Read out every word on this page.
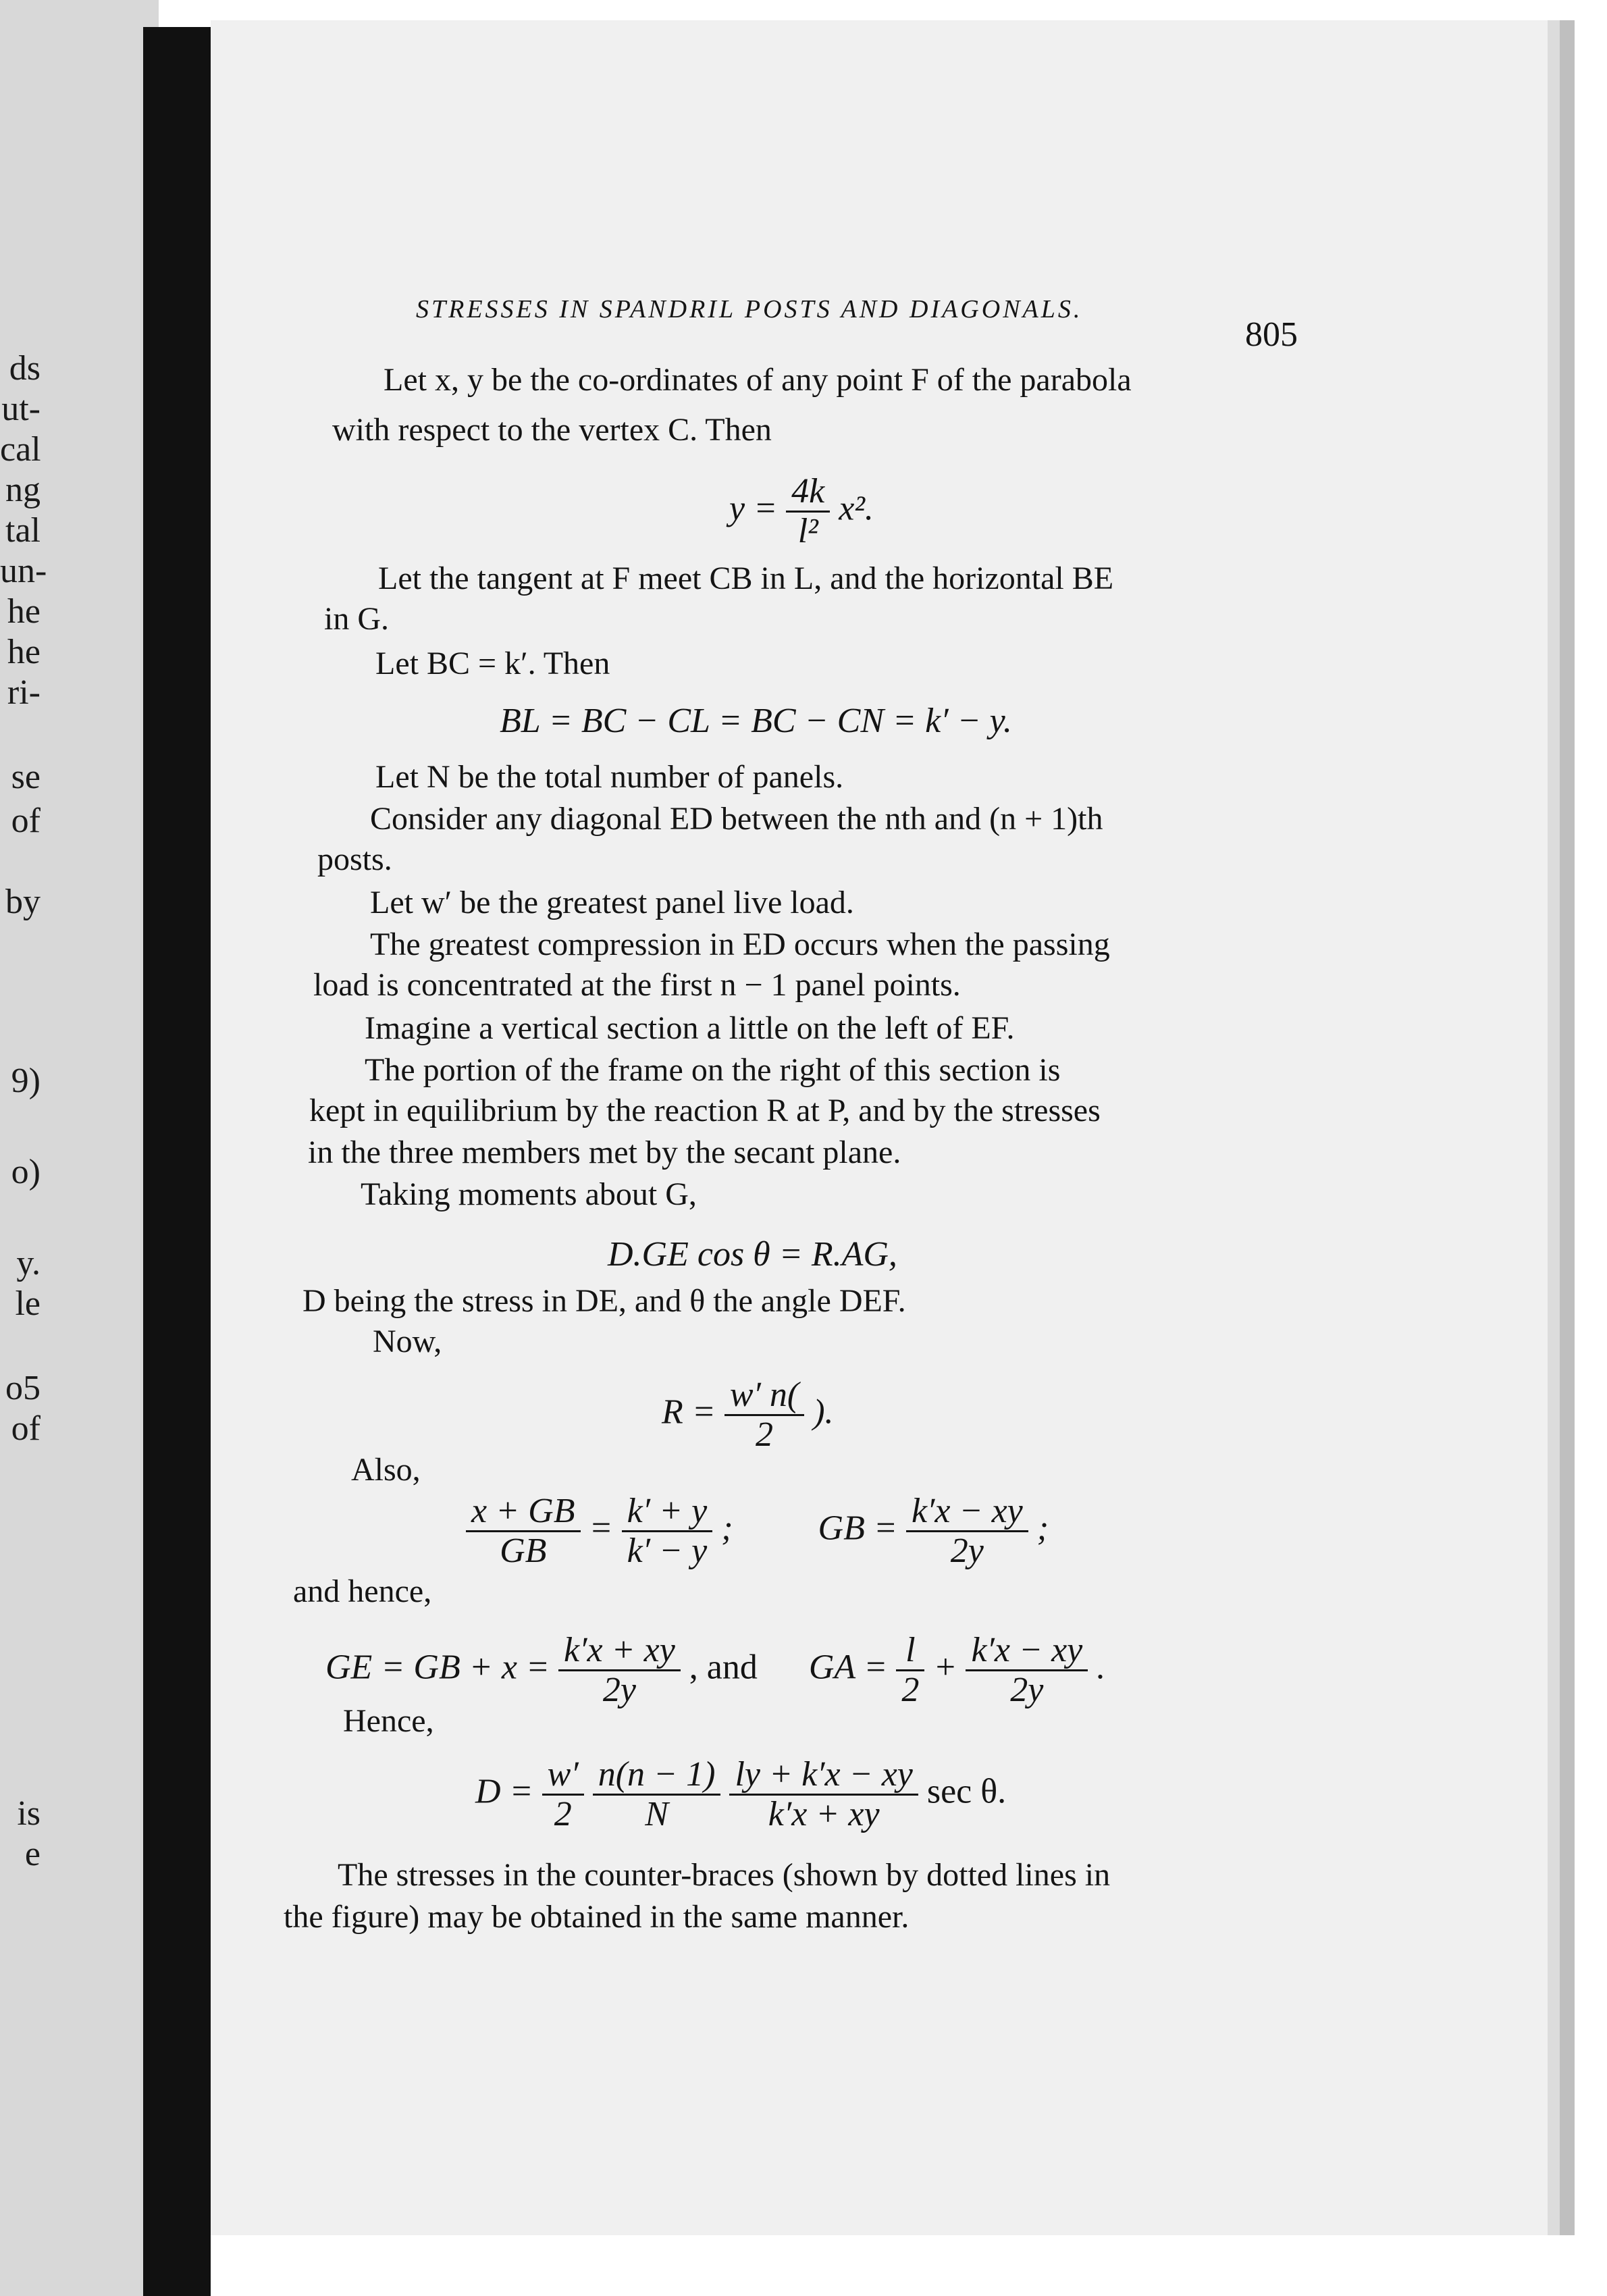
ds
ut-
cal
ng
tal
un-
he
he
ri-
se
of
by
9)
o)
y.
le
o5
of
is
e
STRESSES IN SPANDRIL POSTS AND DIAGONALS.
805
Let x, y be the co-ordinates of any point F of the parabola
with respect to the vertex C. Then
$y = \frac{4k}{\text{l²}} x^2$.
Let the tangent at F meet CB in L, and the horizontal BE
in G.
Let BC = k′. Then
BL = BC − CL = BC − CN = k′ − y.
Let N be the total number of panels.
Consider any diagonal ED between the nth and (n + 1)th
posts.
Let w′ be the greatest panel live load.
The greatest compression in ED occurs when the passing
load is concentrated at the first n − 1 panel points.
Imagine a vertical section a little on the left of EF.
The portion of the frame on the right of this section is
kept in equilibrium by the reaction R at P, and by the stresses
in the three members met by the secant plane.
Taking moments about G,
D.GE cos θ = R.AG,
D being the stress in DE, and θ the angle DEF.
Now,
$R = \frac{w' n(}{2}$ ).
Also,
$\frac{x + GB}{GB} = \frac{k' + y}{k' - y}$ ; GB = $\frac{k'x - xy}{2y}$ ;
and hence,
GE = GB + $x = \frac{k'x + xy}{2y}$ , and GA = $\frac{l}{2} + \frac{k'x - xy}{2y}$ .
Hence,
$D = \frac{w'}{2}$
$\frac{n(n - 1)}{N}$
$\frac{ly + k'x - xy}{k'x + xy}$ sec θ.
The stresses in the counter-braces (shown by dotted lines in
the figure) may be obtained in the same manner.
